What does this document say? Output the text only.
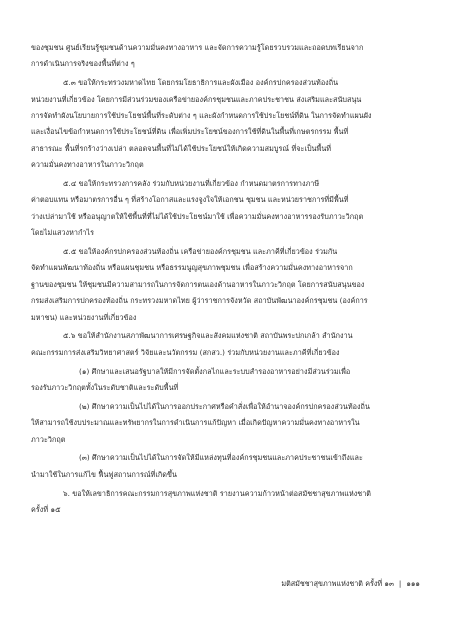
ของชุมชน ศูนย์เรียนรู้ชุมชนด้านความมั่นคงทางอาหาร และจัดการความรู้โดยรวบรวมและถอดบทเรียนจาก
การดำเนินการจริงของพื้นที่ต่าง ๆ
๕.๓ ขอให้กระทรวงมหาดไทย โดยกรมโยธาธิการและผังเมือง องค์กรปกครองส่วนท้องถิ่น
หน่วยงานที่เกี่ยวข้อง โดยการมีส่วนร่วมของเครือข่ายองค์กรชุมชนและภาคประชาชน ส่งเสริมและสนับสนุน
การจัดทำผังนโยบายการใช้ประโยชน์พื้นที่ระดับต่าง ๆ และผังกำหนดการใช้ประโยชน์ที่ดิน ในการจัดทำแผนผัง
และเงื่อนไขข้อกำหนดการใช้ประโยชน์ที่ดิน เพื่อเพิ่มประโยชน์ของการใช้ที่ดินในพื้นที่เกษตรกรรม พื้นที่
สาธารณะ พื้นที่รกร้างว่างเปล่า ตลอดจนพื้นที่ไม่ได้ใช้ประโยชน์ให้เกิดความสมบูรณ์ ที่จะเป็นพื้นที่
ความมั่นคงทางอาหารในภาวะวิกฤต
๕.๔ ขอให้กระทรวงการคลัง ร่วมกับหน่วยงานที่เกี่ยวข้อง กำหนดมาตรการทางภาษี
ค่าตอบแทน หรือมาตรการอื่น ๆ ที่สร้างโอกาสและแรงจูงใจให้เอกชน ชุมชน และหน่วยราชการที่มีพื้นที่
ว่างเปล่ามาใช้ หรืออนุญาตให้ใช้พื้นที่ที่ไม่ได้ใช้ประโยชน์มาใช้ เพื่อความมั่นคงทางอาหารรองรับภาวะวิกฤต
โดยไม่แสวงหากำไร
๕.๕ ขอให้องค์กรปกครองส่วนท้องถิ่น เครือข่ายองค์กรชุมชน และภาคีที่เกี่ยวข้อง ร่วมกัน
จัดทำแผนพัฒนาท้องถิ่น หรือแผนชุมชน หรือธรรมนูญสุขภาพชุมชน เพื่อสร้างความมั่นคงทางอาหารจาก
ฐานของชุมชน ให้ชุมชนมีความสามารถในการจัดการตนเองด้านอาหารในภาวะวิกฤต โดยการสนับสนุนของ
กรมส่งเสริมการปกครองท้องถิ่น กระทรวงมหาดไทย ผู้ว่าราชการจังหวัด สถาบันพัฒนาองค์กรชุมชน (องค์การ
มหาชน) และหน่วยงานที่เกี่ยวข้อง
๕.๖ ขอให้สำนักงานสภาพัฒนาการเศรษฐกิจและสังคมแห่งชาติ สถาบันพระปกเกล้า สำนักงาน
คณะกรรมการส่งเสริมวิทยาศาสตร์ วิจัยและนวัตกรรม (สกสว.) ร่วมกับหน่วยงานและภาคีที่เกี่ยวข้อง
(๑) ศึกษาและเสนอรัฐบาลให้มีการจัดตั้งกลไกและระบบสำรองอาหารอย่างมีส่วนร่วมเพื่อ
รองรับภาวะวิกฤตทั้งในระดับชาติและระดับพื้นที่
(๒) ศึกษาความเป็นไปได้ในการออกประกาศหรือคำสั่งเพื่อให้อำนาจองค์กรปกครองส่วนท้องถิ่น
ให้สามารถใช้งบประมาณและทรัพยากรในการดำเนินการแก้ปัญหา เมื่อเกิดปัญหาความมั่นคงทางอาหารใน
ภาวะวิกฤต
(๓) ศึกษาความเป็นไปได้ในการจัดให้มีแหล่งทุนที่องค์กรชุมชนและภาคประชาชนเข้าถึงและ
นำมาใช้ในการแก้ไข ฟื้นฟูสถานการณ์ที่เกิดขึ้น
๖. ขอให้เลขาธิการคณะกรรมการสุขภาพแห่งชาติ รายงานความก้าวหน้าต่อสมัชชาสุขภาพแห่งชาติ
ครั้งที่ ๑๕
มติสมัชชาสุขภาพแห่งชาติ ครั้งที่ ๑๓ | ๑๑๑
